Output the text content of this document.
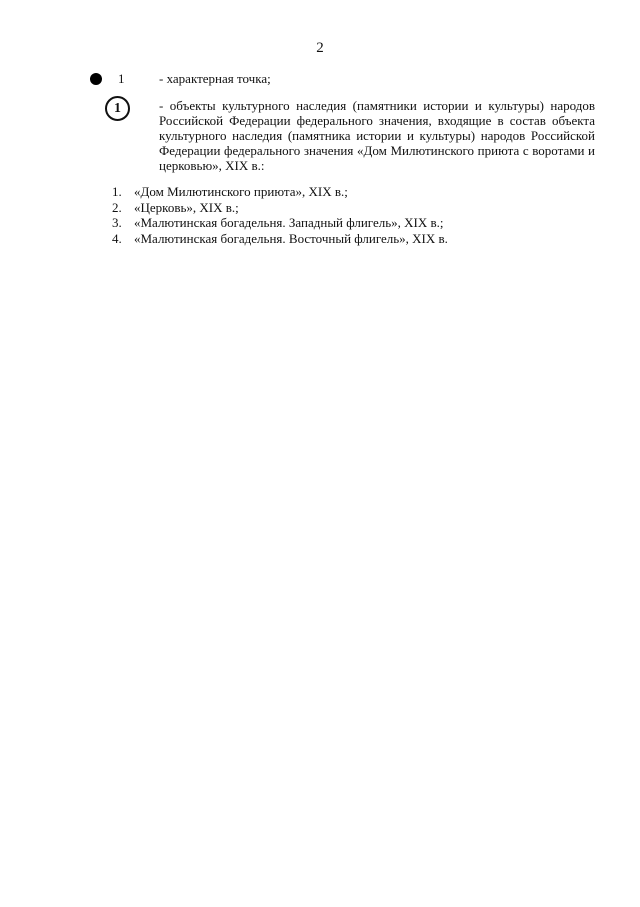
2
1	- характерная точка;
1	- объекты культурного наследия (памятники истории и культуры) народов Российской Федерации федерального значения, входящие в состав объекта культурного наследия (памятника истории и культуры) народов Российской Федерации федерального значения «Дом Милютинского приюта с воротами и церковью», XIX в.:
1. «Дом Милютинского приюта», XIX в.;
2. «Церковь», XIX в.;
3. «Малютинская богадельня. Западный флигель», XIX в.;
4. «Малютинская богадельня. Восточный флигель», XIX в.
